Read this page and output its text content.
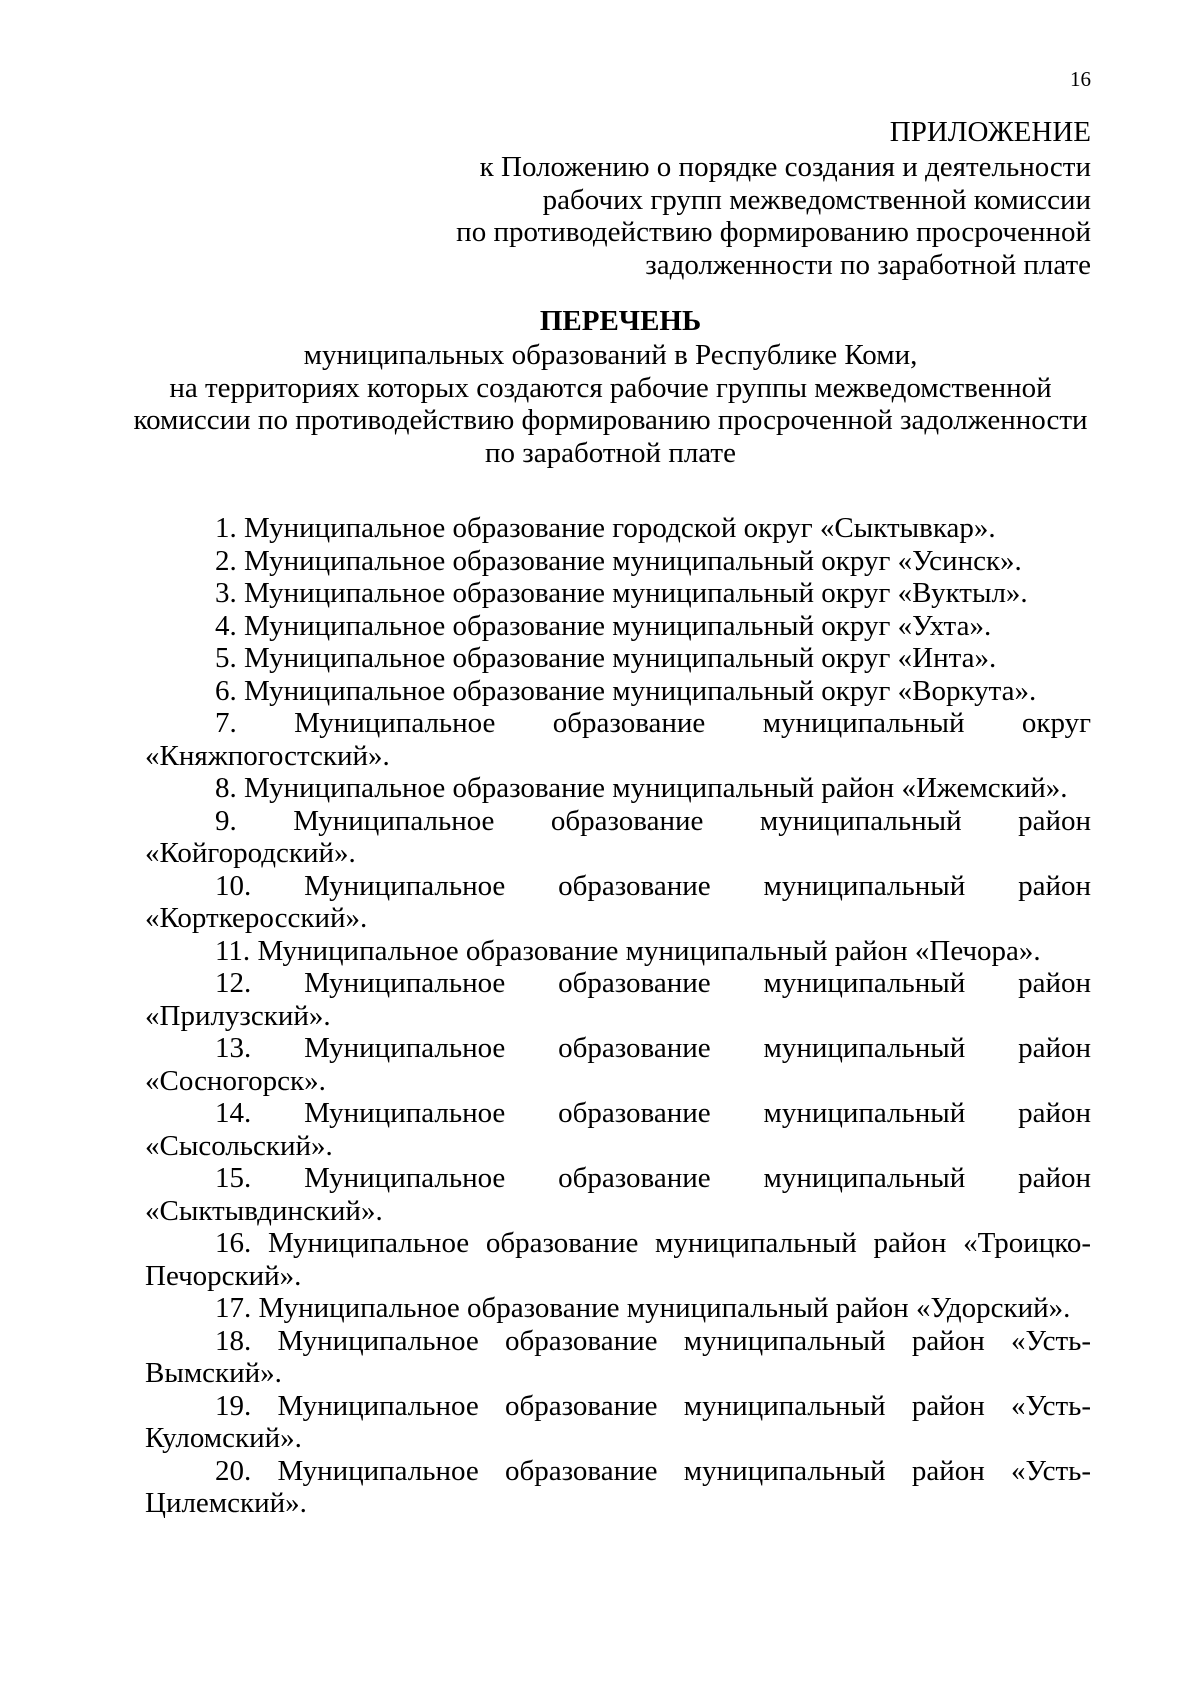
16
ПРИЛОЖЕНИЕ
к Положению о порядке создания и деятельности
рабочих групп межведомственной комиссии
по противодействию формированию просроченной
задолженности по заработной плате
ПЕРЕЧЕНЬ
муниципальных образований в Республике Коми,
на территориях которых создаются рабочие группы межведомственной
комиссии по противодействию формированию просроченной задолженности
по заработной плате
1. Муниципальное образование городской округ «Сыктывкар».
2. Муниципальное образование муниципальный округ «Усинск».
3. Муниципальное образование муниципальный округ «Вуктыл».
4. Муниципальное образование муниципальный округ «Ухта».
5. Муниципальное образование муниципальный округ «Инта».
6. Муниципальное образование муниципальный округ «Воркута».
7. Муниципальное образование муниципальный округ «Княжпогостский».
8. Муниципальное образование муниципальный район «Ижемский».
9. Муниципальное образование муниципальный район «Койгородский».
10. Муниципальное образование муниципальный район «Корткеросский».
11. Муниципальное образование муниципальный район «Печора».
12. Муниципальное образование муниципальный район «Прилузский».
13. Муниципальное образование муниципальный район «Сосногорск».
14. Муниципальное образование муниципальный район «Сысольский».
15. Муниципальное образование муниципальный район «Сыктывдинский».
16. Муниципальное образование муниципальный район «Троицко-Печорский».
17. Муниципальное образование муниципальный район «Удорский».
18. Муниципальное образование муниципальный район «Усть-Вымский».
19. Муниципальное образование муниципальный район «Усть-Куломский».
20. Муниципальное образование муниципальный район «Усть-Цилемский».
